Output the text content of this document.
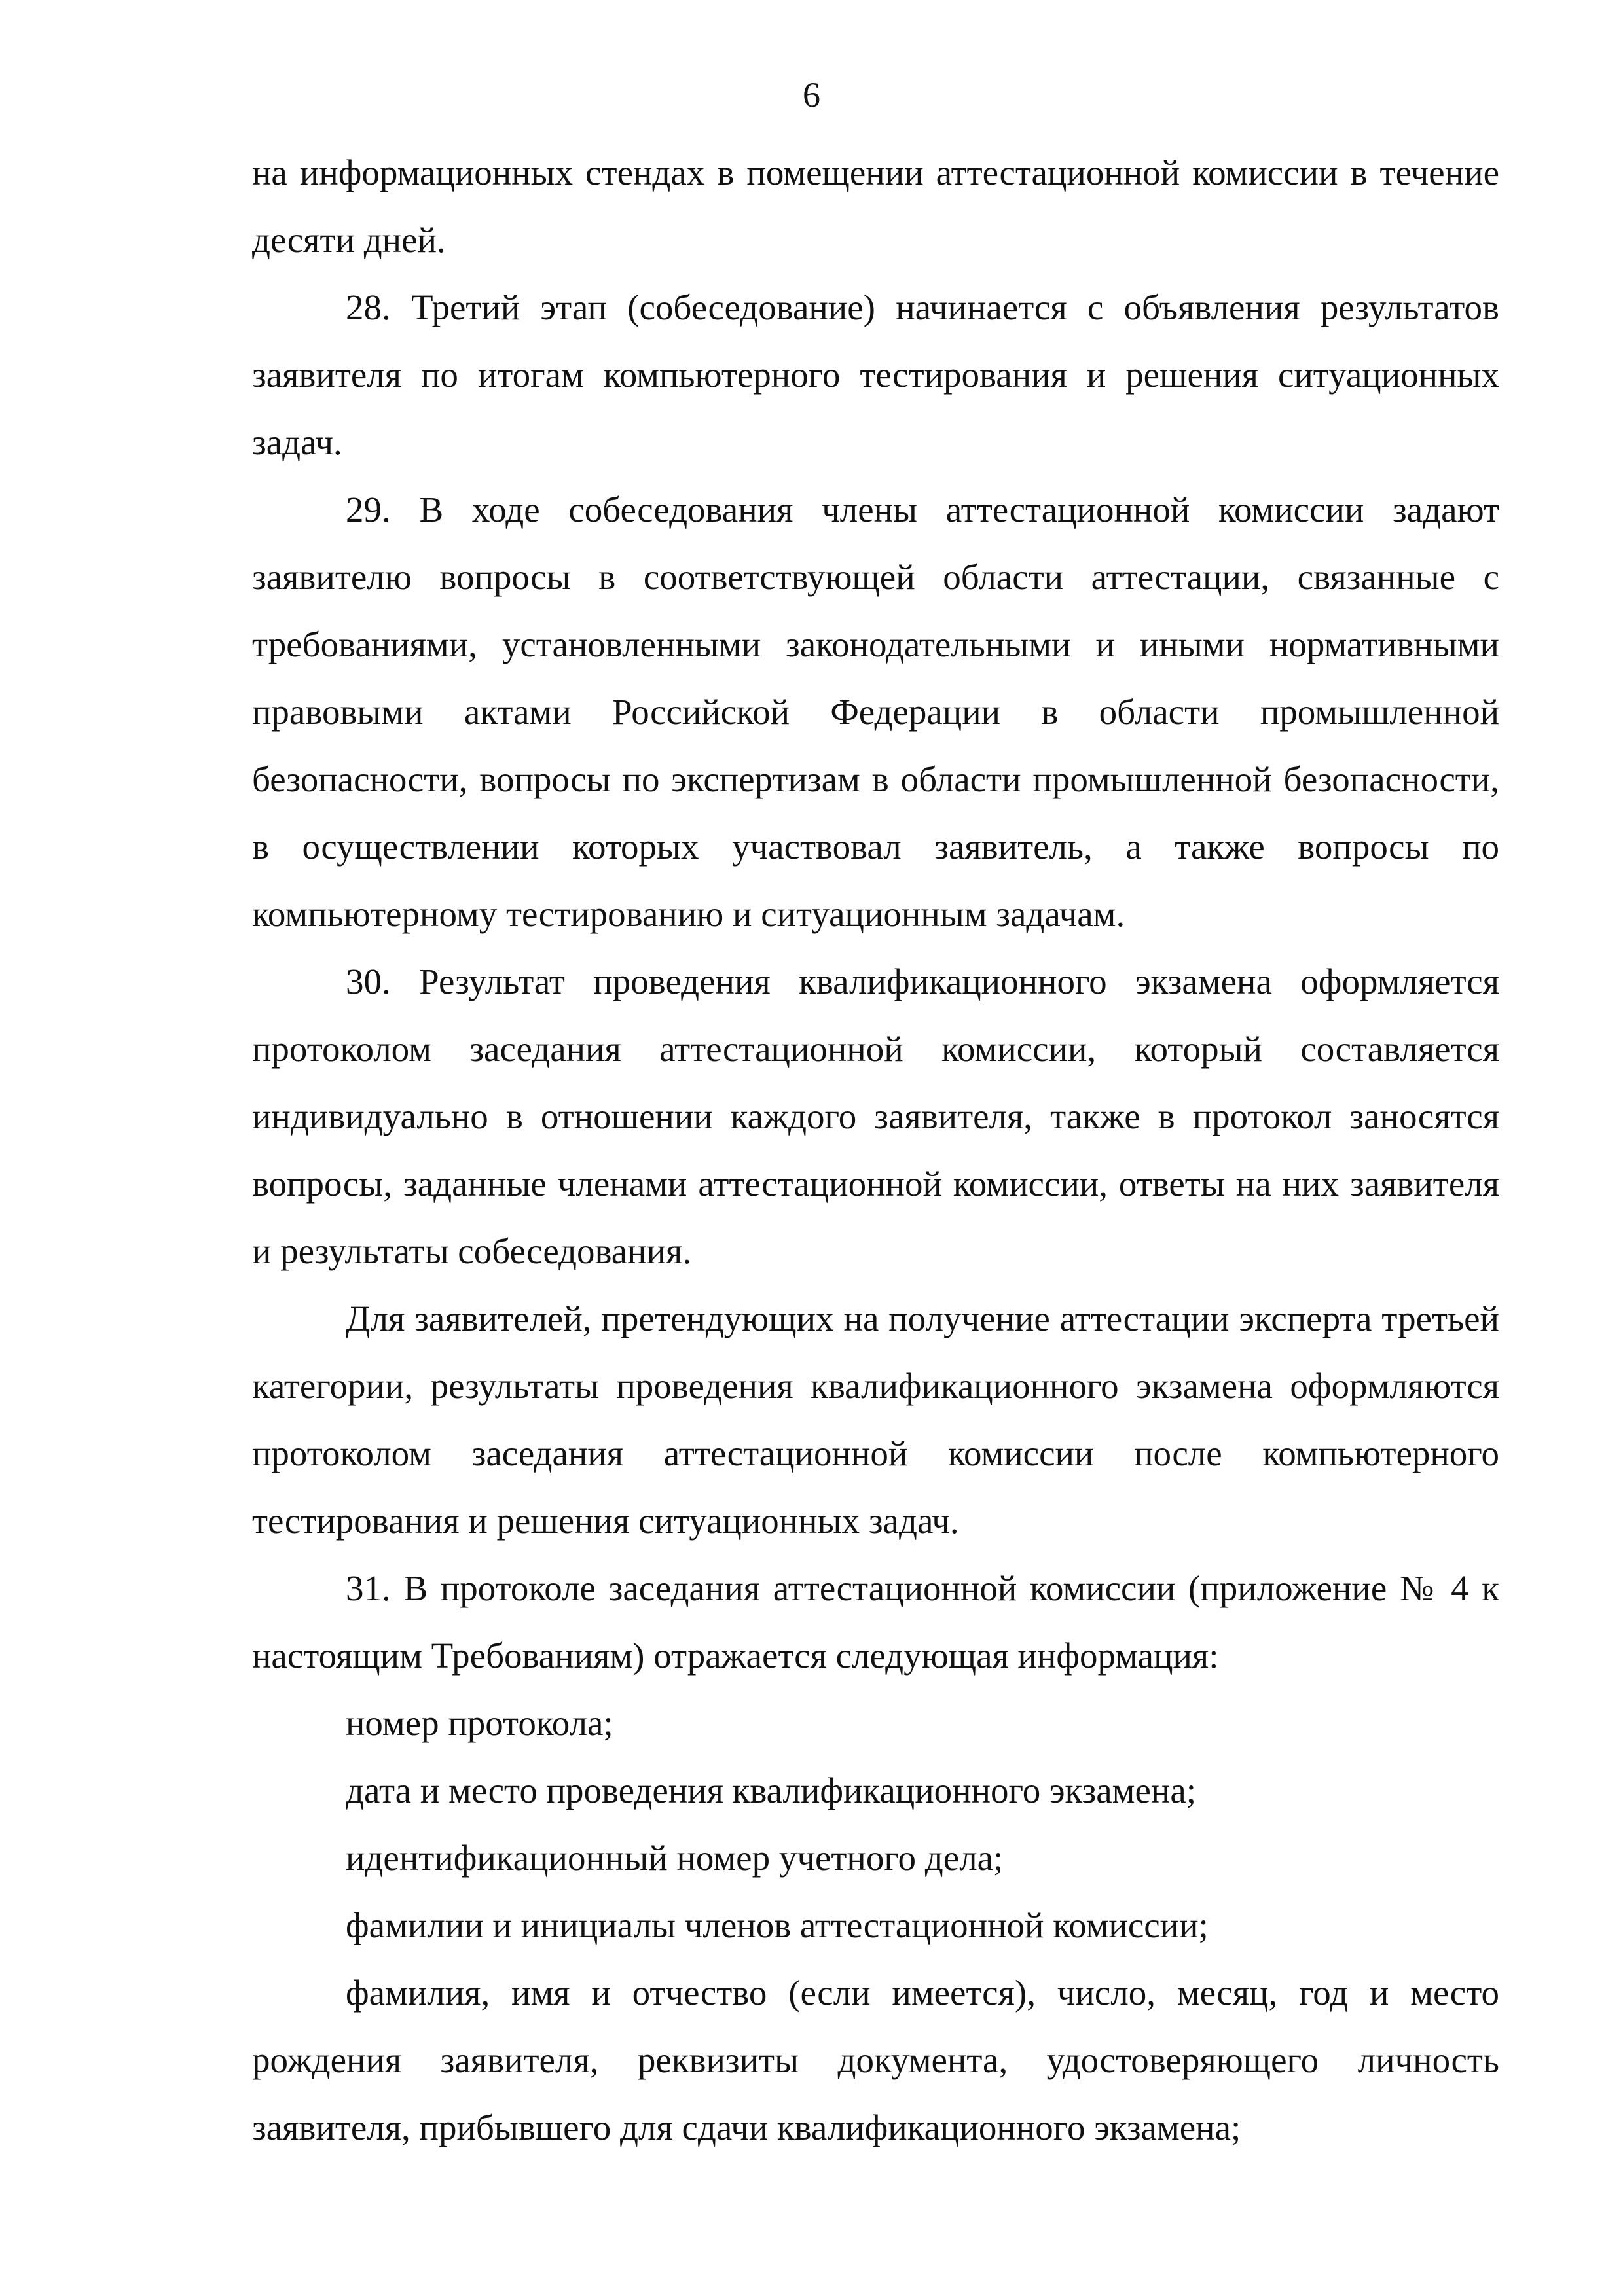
6

на информационных стендах в помещении аттестационной комиссии в течение десяти дней.

28. Третий этап (собеседование) начинается с объявления результатов заявителя по итогам компьютерного тестирования и решения ситуационных задач.

29. В ходе собеседования члены аттестационной комиссии задают заявителю вопросы в соответствующей области аттестации, связанные с требованиями, установленными законодательными и иными нормативными правовыми актами Российской Федерации в области промышленной безопасности, вопросы по экспертизам в области промышленной безопасности, в осуществлении которых участвовал заявитель, а также вопросы по компьютерному тестированию и ситуационным задачам.

30. Результат проведения квалификационного экзамена оформляется протоколом заседания аттестационной комиссии, который составляется индивидуально в отношении каждого заявителя, также в протокол заносятся вопросы, заданные членами аттестационной комиссии, ответы на них заявителя и результаты собеседования.

Для заявителей, претендующих на получение аттестации эксперта третьей категории, результаты проведения квалификационного экзамена оформляются протоколом заседания аттестационной комиссии после компьютерного тестирования и решения ситуационных задач.

31. В протоколе заседания аттестационной комиссии (приложение № 4 к настоящим Требованиям) отражается следующая информация:

номер протокола;

дата и место проведения квалификационного экзамена;

идентификационный номер учетного дела;

фамилии и инициалы членов аттестационной комиссии;

фамилия, имя и отчество (если имеется), число, месяц, год и место рождения заявителя, реквизиты документа, удостоверяющего личность заявителя, прибывшего для сдачи квалификационного экзамена;
